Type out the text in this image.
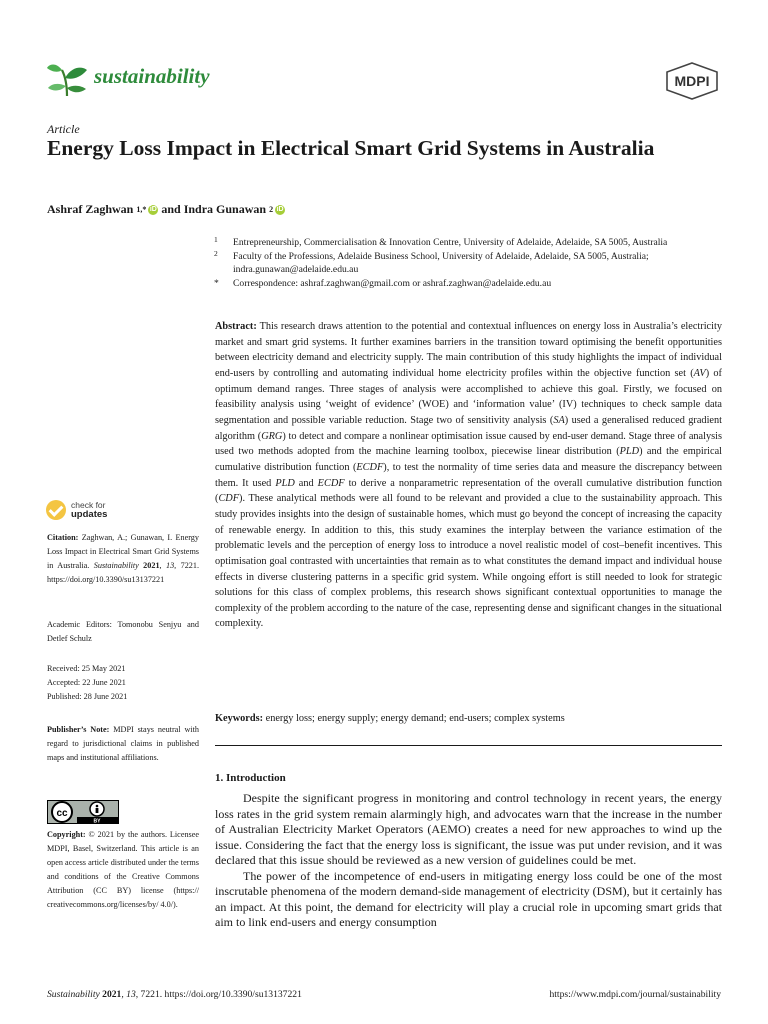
sustainability	MDPI
Article
Energy Loss Impact in Electrical Smart Grid Systems in Australia
Ashraf Zaghwan
1,* iD and Indra Gunawan
2 iD
1 Entrepreneurship, Commercialisation & Innovation Centre, University of Adelaide, Adelaide, SA 5005, Australia
2 Faculty of the Professions, Adelaide Business School, University of Adelaide, Adelaide, SA 5005, Australia; indra.gunawan@adelaide.edu.au
* Correspondence: ashraf.zaghwan@gmail.com or ashraf.zaghwan@adelaide.edu.au

Abstract: This research draws attention to the potential and contextual influences on energy loss in Australia’s electricity market and smart grid systems. It further examines barriers in the transition toward optimising the benefit opportunities between electricity demand and electricity supply. The main contribution of this study highlights the impact of individual end-users by controlling and automating individual home electricity profiles within the objective function set (AV) of optimum demand ranges. Three stages of analysis were accomplished to achieve this goal. Firstly, we focused on feasibility analysis using ‘weight of evidence’ (WOE) and ‘information value’ (IV) techniques to check sample data segmentation and possible variable reduction. Stage two of sensitivity analysis (SA) used a generalised reduced gradient algorithm (GRG) to detect and compare a nonlinear optimisation issue caused by end-user demand. Stage three of analysis used two methods adopted from the machine learning toolbox, piecewise linear distribution (PLD) and the empirical cumulative distribution function (ECDF), to test the normality of time series data and measure the discrepancy between them. It used PLD and ECDF to derive a nonparametric representation of the overall cumulative distribution function (CDF). These analytical methods were all found to be relevant and provided a clue to the sustainability approach. This study provides insights into the design of sustainable homes, which must go beyond the concept of increasing the capacity of renewable energy. In addition to this, this study examines the interplay between the variance estimation of the problematic levels and the perception of energy loss to introduce a novel realistic model of cost–benefit incentives. This optimisation goal contrasted with uncertainties that remain as to what constitutes the demand impact and individual house effects in diverse clustering patterns in a specific grid system. While ongoing effort is still needed to look for strategic solutions for this class of complex problems, this research shows significant contextual opportunities to manage the complexity of the problem according to the nature of the case, representing dense and significant changes in the situational complexity.

Keywords: energy loss; energy supply; energy demand; end-users; complex systems

1. Introduction

Despite the significant progress in monitoring and control technology in recent years, the energy loss rates in the grid system remain alarmingly high, and advocates warn that the increase in the number of Australian Electricity Market Operators (AEMO) creates a need for new approaches to wind up the issue. Considering the fact that the energy loss is significant, the issue was put under revision, and it was declared that this issue should be reviewed as a new version of guidelines could be met.

The power of the incompetence of end-users in mitigating energy loss could be one of the most inscrutable phenomena of the modern demand-side management of electricity (DSM), but it certainly has an impact. At this point, the demand for electricity will play a crucial role in upcoming smart grids that aim to link end-users and energy consumption

check for
updates
Citation: Zaghwan, A.; Gunawan, I. Energy Loss Impact in Electrical Smart Grid Systems in Australia. Sustainability 2021, 13, 7221. https://doi.org/10.3390/su13137221
Academic Editors: Tomonobu Senjyu and Detlef Schulz
Received: 25 May 2021
Accepted: 22 June 2021
Published: 28 June 2021
Publisher’s Note: MDPI stays neutral with regard to jurisdictional claims in published maps and institutional affiliations.
cc
BY
Copyright: © 2021 by the authors. Licensee MDPI, Basel, Switzerland. This article is an open access article distributed under the terms and conditions of the Creative Commons Attribution (CC BY) license (https:// creativecommons.org/licenses/by/ 4.0/).
Sustainability 2021, 13, 7221. https://doi.org/10.3390/su13137221	https://www.mdpi.com/journal/sustainability
